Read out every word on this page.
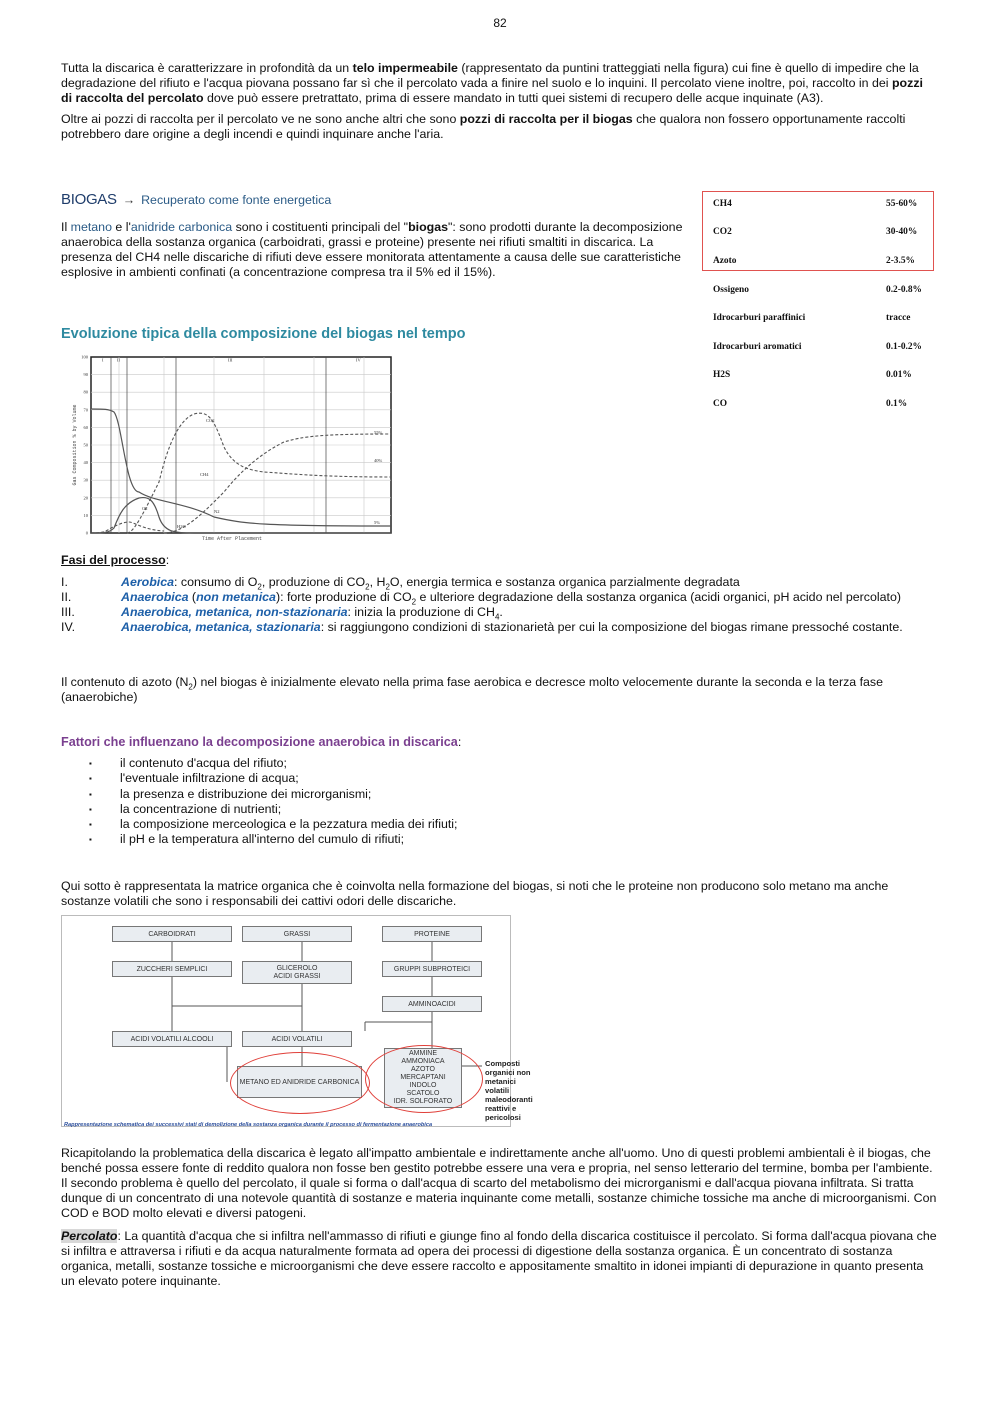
82

Tutta la discarica è caratterizzare in profondità da un telo impermeabile (rappresentato da puntini tratteggiati nella figura) cui fine è quello di impedire che la degradazione del rifiuto e l'acqua piovana possano far sì che il percolato vada a finire nel suolo e lo inquini. Il percolato viene inoltre, poi, raccolto in dei pozzi di raccolta del percolato dove può essere pretrattato, prima di essere mandato in tutti quei sistemi di recupero delle acque inquinate (A3).

Oltre ai pozzi di raccolta per il percolato ve ne sono anche altri che sono pozzi di raccolta per il biogas che qualora non fossero opportunamente raccolti potrebbero dare origine a degli incendi e quindi inquinare anche l'aria.

BIOGAS → Recuperato come fonte energetica

Il metano e l'anidride carbonica sono i costituenti principali del "biogas": sono prodotti durante la decomposizione anaerobica della sostanza organica (carboidrati, grassi e proteine) presente nei rifiuti smaltiti in discarica. La presenza del CH4 nelle discariche di rifiuti deve essere monitorata attentamente a causa delle sue caratteristiche esplosive in ambienti confinati (a concentrazione compresa tra il 5% ed il 15%).

CH4	55-60%
CO2	30-40%
Azoto	2-3.5%
Ossigeno	0.2-0.8%
Idrocarburi paraffinici	tracce
Idrocarburi aromatici	0.1-0.2%
H2S	0.01%
CO	0.1%
Evoluzione tipica della composizione del biogas nel tempo
I	II	III	IV
100
90
80
70
60
50
40
30
20
10
0
Gas Composition % by Volume
Time After Placement
CO2
CH4
N2
O2
H2O
55%
40%
5%
Fasi del processo:
I.	Aerobica: consumo di $O_2$, produzione di $CO_2$, $H_2O$, energia termica e sostanza organica parzialmente degradata
II.	Anaerobica (non metanica): forte produzione di $CO_2$ e ulteriore degradazione della sostanza organica (acidi organici, pH acido nel percolato)
III.	Anaerobica, metanica, non-stazionaria: inizia la produzione di $CH_4$.
IV.	Anaerobica, metanica, stazionaria: si raggiungono condizioni di stazionarietà per cui la composizione del biogas rimane pressoché costante.

Il contenuto di azoto $(N_2)$ nel biogas è inizialmente elevato nella prima fase aerobica e decresce molto velocemente durante la seconda e la terza fase (anaerobiche)

Fattori che influenzano la decomposizione anaerobica in discarica:
▪	il contenuto d'acqua del rifiuto;
▪	l'eventuale infiltrazione di acqua;
▪	la presenza e distribuzione dei microrganismi;
▪	la concentrazione di nutrienti;
▪	la composizione merceologica e la pezzatura media dei rifiuti;
▪	il pH e la temperatura all'interno del cumulo di rifiuti;
Qui sotto è rappresentata la matrice organica che è coinvolta nella formazione del biogas, si noti che le proteine non producono solo metano ma anche sostanze volatili che sono i responsabili dei cattivi odori delle discariche.
CARBOIDRATI	GRASSI	PROTEINE
ZUCCHERI SEMPLICI	GLICEROLO
ACIDI GRASSI
GRUPPI SUBPROTEICI
AMMINOACIDI
ACIDI VOLATILI ALCOOLI	ACIDI VOLATILI
METANO ED ANIDRIDE CARBONICA
AMMINE
AMMONIACA
AZOTO
MERCAPTANI
INDOLO
SCATOLO
IDR. SOLFORATO
Composti
organici non
metanici
volatili
maleodoranti
reattivi e
pericolosi
Rappresentazione schematica dei successivi stati di demolizione della sostanza organica durante il processo di fermentazione anaerobica
Ricapitolando la problematica della discarica è legato all'impatto ambientale e indirettamente anche all'uomo. Uno di questi problemi ambientali è il biogas, che benché possa essere fonte di reddito qualora non fosse ben gestito potrebbe essere una vera e propria, nel senso letterario del termine, bomba per l'ambiente. Il secondo problema è quello del percolato, il quale si forma o dall'acqua di scarto del metabolismo dei microrganismi e dall'acqua piovana infiltrata. Si tratta dunque di un concentrato di una notevole quantità di sostanze e materia inquinante come metalli, sostanze chimiche tossiche ma anche di microorganismi. Con COD e BOD molto elevati e diversi patogeni.

Percolato: La quantità d'acqua che si infiltra nell'ammasso di rifiuti e giunge fino al fondo della discarica costituisce il percolato. Si forma dall'acqua piovana che si infiltra e attraversa i rifiuti e da acqua naturalmente formata ad opera dei processi di digestione della sostanza organica. È un concentrato di sostanza organica, metalli, sostanze tossiche e microorganismi che deve essere raccolto e appositamente smaltito in idonei impianti di depurazione in quanto presenta un elevato potere inquinante.
